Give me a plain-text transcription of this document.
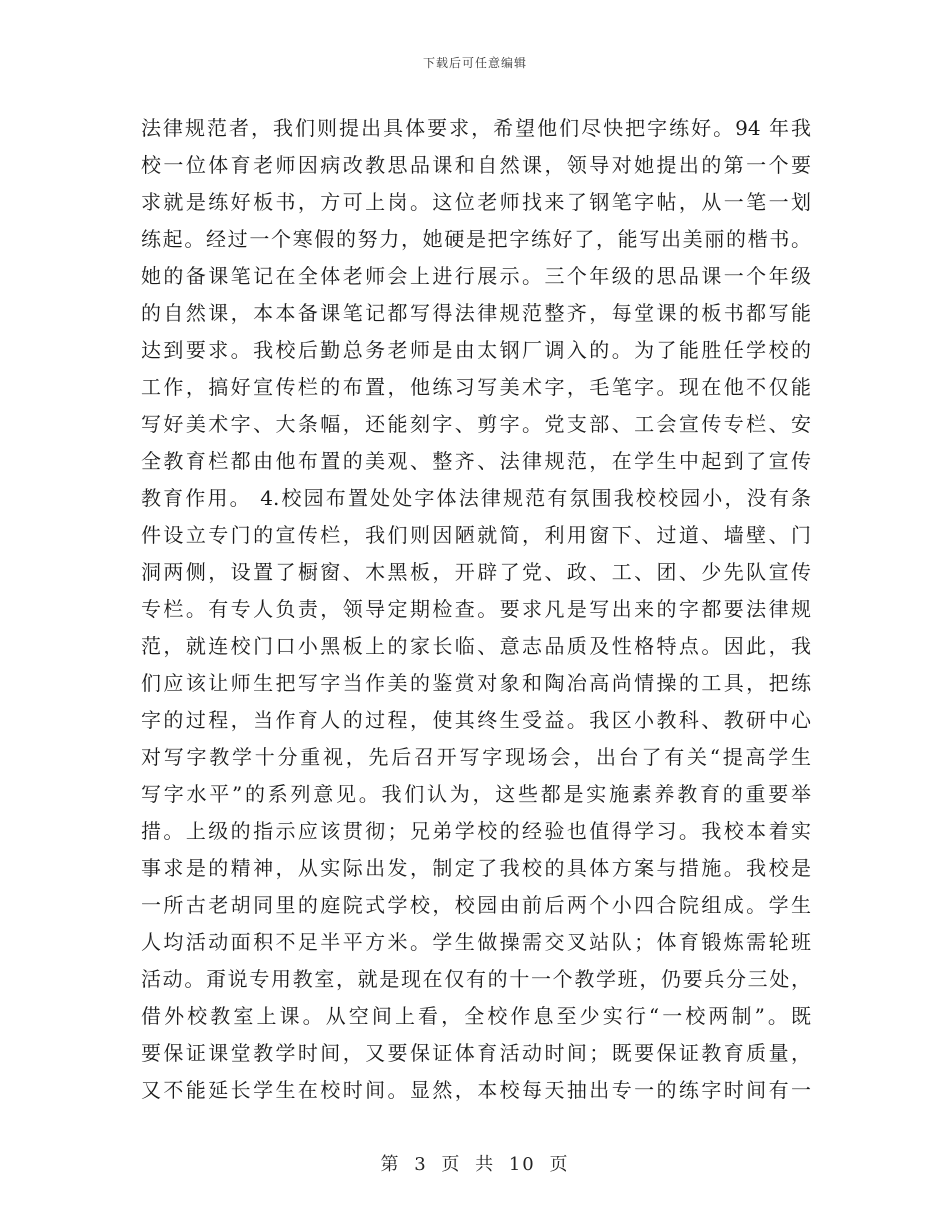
下载后可任意编辑
法律规范者，我们则提出具体要求，希望他们尽快把字练好。94 年我
校一位体育老师因病改教思品课和自然课，领导对她提出的第一个要
求就是练好板书，方可上岗。这位老师找来了钢笔字帖，从一笔一划
练起。经过一个寒假的努力，她硬是把字练好了，能写出美丽的楷书。
她的备课笔记在全体老师会上进行展示。三个年级的思品课一个年级
的自然课，本本备课笔记都写得法律规范整齐，每堂课的板书都写能
达到要求。我校后勤总务老师是由太钢厂调入的。为了能胜任学校的
工作，搞好宣传栏的布置，他练习写美术字，毛笔字。现在他不仅能
写好美术字、大条幅，还能刻字、剪字。党支部、工会宣传专栏、安
全教育栏都由他布置的美观、整齐、法律规范，在学生中起到了宣传
教育作用。 4.校园布置处处字体法律规范有氛围我校校园小，没有条
件设立专门的宣传栏，我们则因陋就简，利用窗下、过道、墙壁、门
洞两侧，设置了橱窗、木黑板，开辟了党、政、工、团、少先队宣传
专栏。有专人负责，领导定期检查。要求凡是写出来的字都要法律规
范，就连校门口小黑板上的家长临、意志品质及性格特点。因此，我
们应该让师生把写字当作美的鉴赏对象和陶冶高尚情操的工具，把练
字的过程，当作育人的过程，使其终生受益。我区小教科、教研中心
对写字教学十分重视，先后召开写字现场会，出台了有关“提高学生
写字水平”的系列意见。我们认为，这些都是实施素养教育的重要举
措。上级的指示应该贯彻；兄弟学校的经验也值得学习。我校本着实
事求是的精神，从实际出发，制定了我校的具体方案与措施。我校是
一所古老胡同里的庭院式学校，校园由前后两个小四合院组成。学生
人均活动面积不足半平方米。学生做操需交叉站队；体育锻炼需轮班
活动。甭说专用教室，就是现在仅有的十一个教学班，仍要兵分三处，
借外校教室上课。从空间上看，全校作息至少实行“一校两制”。既
要保证课堂教学时间，又要保证体育活动时间；既要保证教育质量，
又不能延长学生在校时间。显然，本校每天抽出专一的练字时间有一
第 3 页 共 10 页
